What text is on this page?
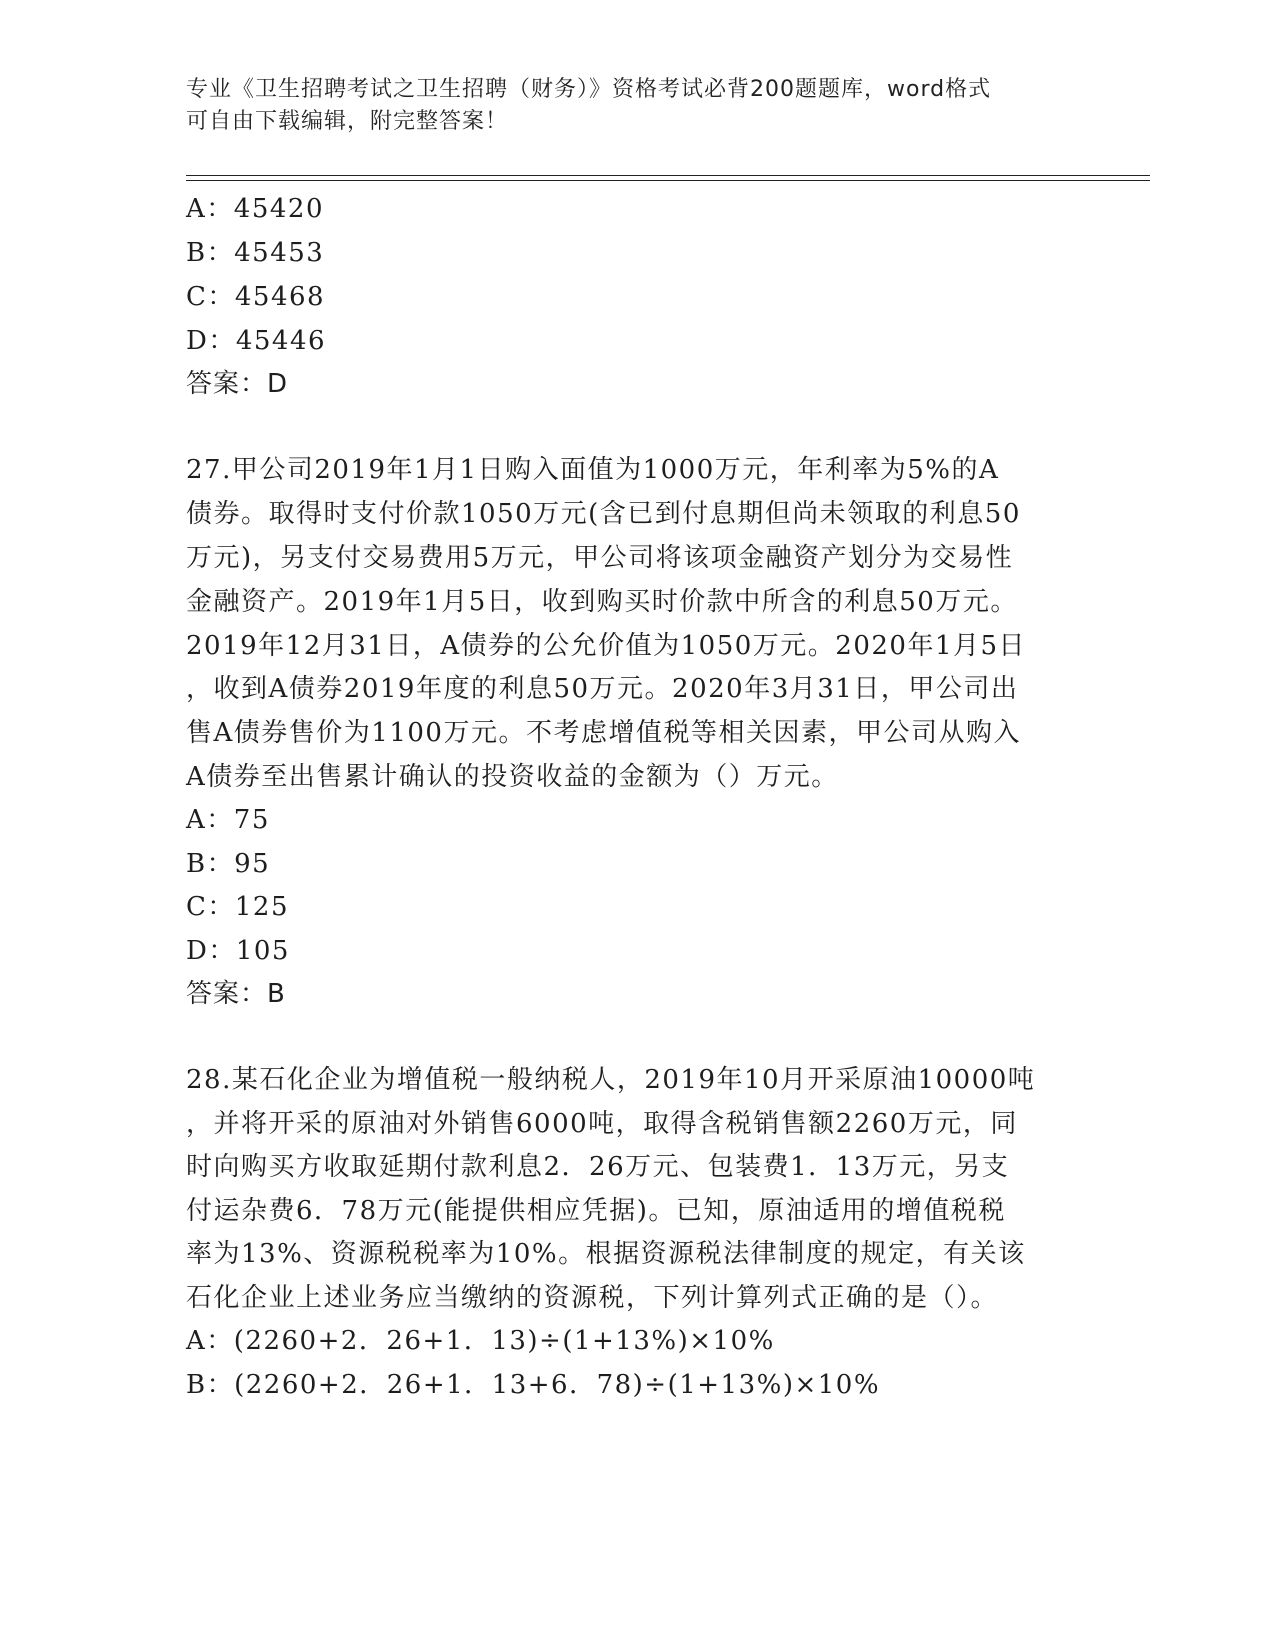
专业《卫生招聘考试之卫生招聘（财务）》资格考试必背200题题库，word格式
可自由下载编辑，附完整答案！
A：45420
B：45453
C：45468
D：45446
答案：D
27.甲公司2019年1月1日购入面值为1000万元，年利率为5%的A
债券。取得时支付价款1050万元(含已到付息期但尚未领取的利息50
万元)，另支付交易费用5万元，甲公司将该项金融资产划分为交易性
金融资产。2019年1月5日，收到购买时价款中所含的利息50万元。
2019年12月31日，A债券的公允价值为1050万元。2020年1月5日
，收到A债券2019年度的利息50万元。2020年3月31日，甲公司出
售A债券售价为1100万元。不考虑增值税等相关因素，甲公司从购入
A债券至出售累计确认的投资收益的金额为（）万元。
A：75
B：95
C：125
D：105
答案：B
28.某石化企业为增值税一般纳税人，2019年10月开采原油10000吨
，并将开采的原油对外销售6000吨，取得含税销售额2260万元，同
时向购买方收取延期付款利息2．26万元、包装费1．13万元，另支
付运杂费6．78万元(能提供相应凭据)。已知，原油适用的增值税税
率为13%、资源税税率为10%。根据资源税法律制度的规定，有关该
石化企业上述业务应当缴纳的资源税，下列计算列式正确的是（）。
A：(2260+2．26+1．13)÷(1+13%)×10%
B：(2260+2．26+1．13+6．78)÷(1+13%)×10%
